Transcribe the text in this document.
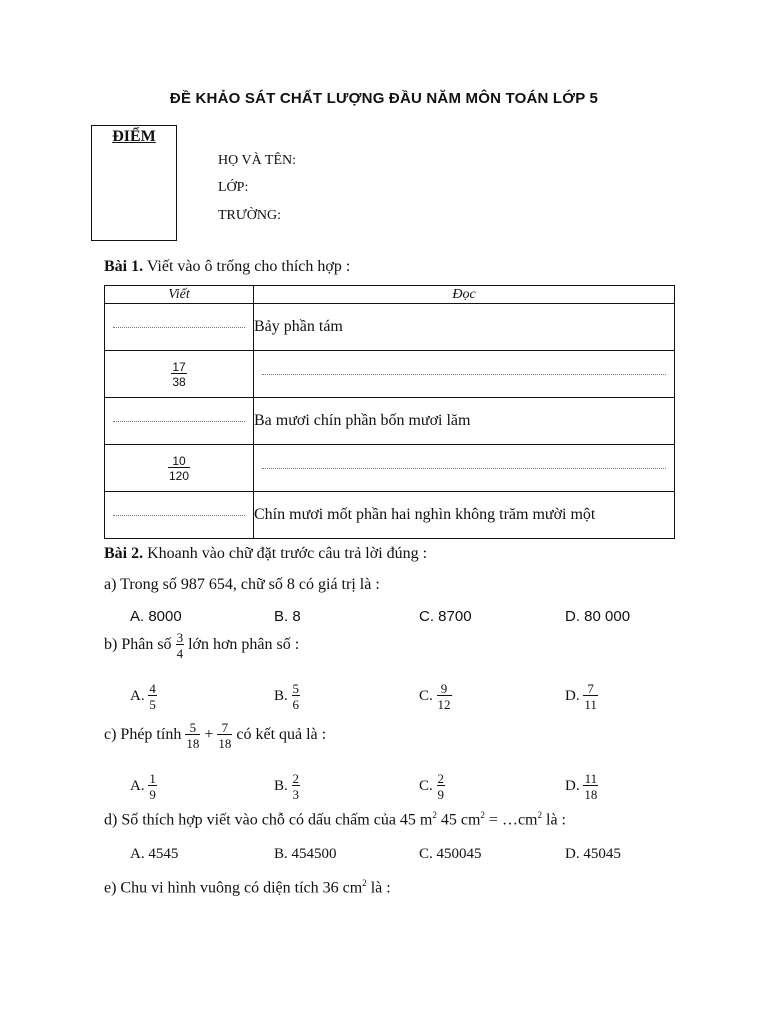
ĐỀ KHẢO SÁT CHẤT LƯỢNG ĐẦU NĂM MÔN TOÁN LỚP 5
ĐIỂM
HỌ VÀ TÊN:
LỚP:
TRƯỜNG:
Bài 1. Viết vào ô trống cho thích hợp :
Viết	Đọc

	Bảy phần tám

$\frac{17}{38}$

	Ba mươi chín phần bốn mươi lăm

$\frac{10}{120}$

	Chín mươi mốt phần hai nghìn không trăm mười một
Bài 2. Khoanh vào chữ đặt trước câu trả lời đúng :
a) Trong số 987 654, chữ số 8 có giá trị là :
A. 8000	B. 8	C. 8700	D. 80 000
b) Phân số $\frac{3}{4}$ lớn hơn phân số :
A. $\frac{4}{5}$	B. $\frac{5}{6}$	C. $\frac{9}{12}$	D. $\frac{7}{11}$
c) Phép tính $\frac{5}{18} + \frac{7}{18}$ có kết quả là :
A. $\frac{1}{9}$	B. $\frac{2}{3}$	C. $\frac{2}{9}$	D. $\frac{11}{18}$
d) Số thích hợp viết vào chỗ có dấu chấm của 45 $m^2$ 45 $cm^2$ = $\dots cm^2$ là :
A. 4545	B. 454500	C. 450045	D. 45045
e) Chu vi hình vuông có diện tích 36 $cm^2$ là :
